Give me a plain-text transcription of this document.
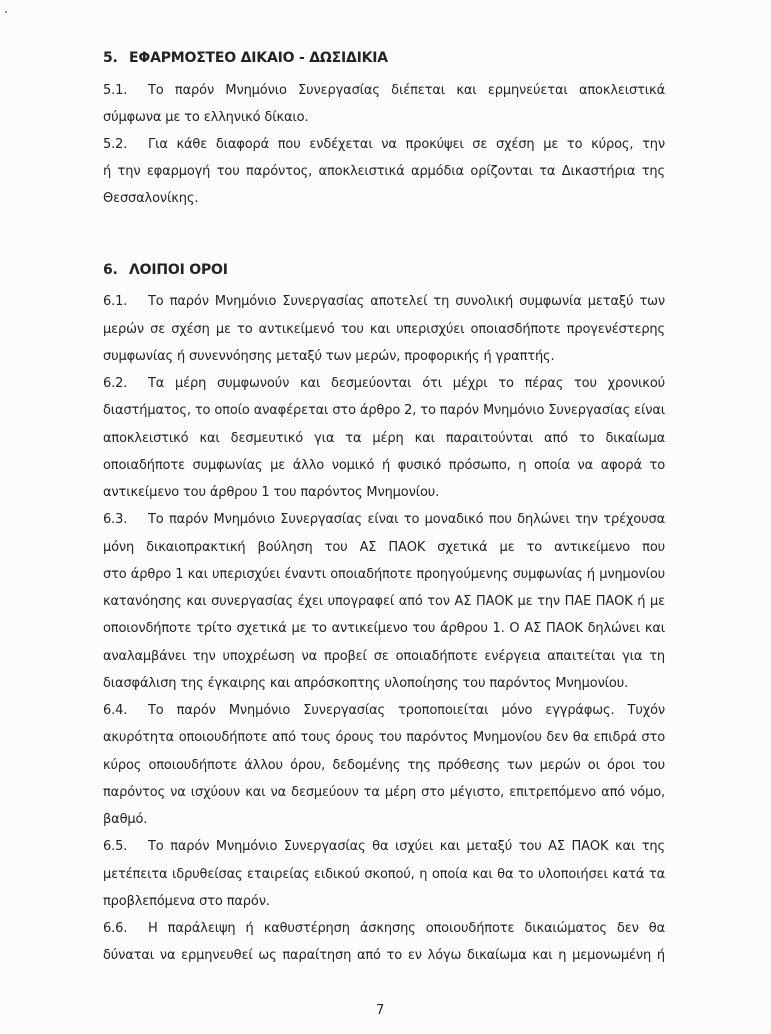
5. ΕΦΑΡΜΟΣΤΕΟ ΔΙΚΑΙΟ - ΔΩΣΙΔΙΚΙΑ
5.1.	Το παρόν Μνημόνιο Συνεργασίας διέπεται και ερμηνεύεται αποκλειστικά
σύμφωνα με το ελληνικό δίκαιο.
5.2.	Για κάθε διαφορά που ενδέχεται να προκύψει σε σχέση με το κύρος, την
ή την εφαρμογή του παρόντος, αποκλειστικά αρμόδια ορίζονται τα Δικαστήρια της
Θεσσαλονίκης.
6. ΛΟΙΠΟΙ ΟΡΟΙ
6.1.	Το παρόν Μνημόνιο Συνεργασίας αποτελεί τη συνολική συμφωνία μεταξύ των
μερών σε σχέση με το αντικείμενό του και υπερισχύει οποιασδήποτε προγενέστερης
συμφωνίας ή συνεννόησης μεταξύ των μερών, προφορικής ή γραπτής.
6.2.	Τα μέρη συμφωνούν και δεσμεύονται ότι μέχρι το πέρας του χρονικού
διαστήματος, το οποίο αναφέρεται στο άρθρο 2, το παρόν Μνημόνιο Συνεργασίας είναι
αποκλειστικό και δεσμευτικό για τα μέρη και παραιτούνται από το δικαίωμα
οποιαδήποτε συμφωνίας με άλλο νομικό ή φυσικό πρόσωπο, η οποία να αφορά το
αντικείμενο του άρθρου 1 του παρόντος Μνημονίου.
6.3.	Το παρόν Μνημόνιο Συνεργασίας είναι το μοναδικό που δηλώνει την τρέχουσα
μόνη δικαιοπρακτική βούληση του ΑΣ ΠΑΟΚ σχετικά με το αντικείμενο που
στο άρθρο 1 και υπερισχύει έναντι οποιαδήποτε προηγούμενης συμφωνίας ή μνημονίου
κατανόησης και συνεργασίας έχει υπογραφεί από τον ΑΣ ΠΑΟΚ με την ΠΑΕ ΠΑΟΚ ή με
οποιονδήποτε τρίτο σχετικά με το αντικείμενο του άρθρου 1. Ο ΑΣ ΠΑΟΚ δηλώνει και
αναλαμβάνει την υποχρέωση να προβεί σε οποιαδήποτε ενέργεια απαιτείται για τη
διασφάλιση της έγκαιρης και απρόσκοπτης υλοποίησης του παρόντος Μνημονίου.
6.4.	Το παρόν Μνημόνιο Συνεργασίας τροποποιείται μόνο εγγράφως. Τυχόν
ακυρότητα οποιουδήποτε από τους όρους του παρόντος Μνημονίου δεν θα επιδρά στο
κύρος οποιουδήποτε άλλου όρου, δεδομένης της πρόθεσης των μερών οι όροι του
παρόντος να ισχύουν και να δεσμεύουν τα μέρη στο μέγιστο, επιτρεπόμενο από νόμο,
βαθμό.
6.5.	Το παρόν Μνημόνιο Συνεργασίας θα ισχύει και μεταξύ του ΑΣ ΠΑΟΚ και της
μετέπειτα ιδρυθείσας εταιρείας ειδικού σκοπού, η οποία και θα το υλοποιήσει κατά τα
προβλεπόμενα στο παρόν.
6.6.	Η παράλειψη ή καθυστέρηση άσκησης οποιουδήποτε δικαιώματος δεν θα
δύναται να ερμηνευθεί ως παραίτηση από το εν λόγω δικαίωμα και η μεμονωμένη ή
7
